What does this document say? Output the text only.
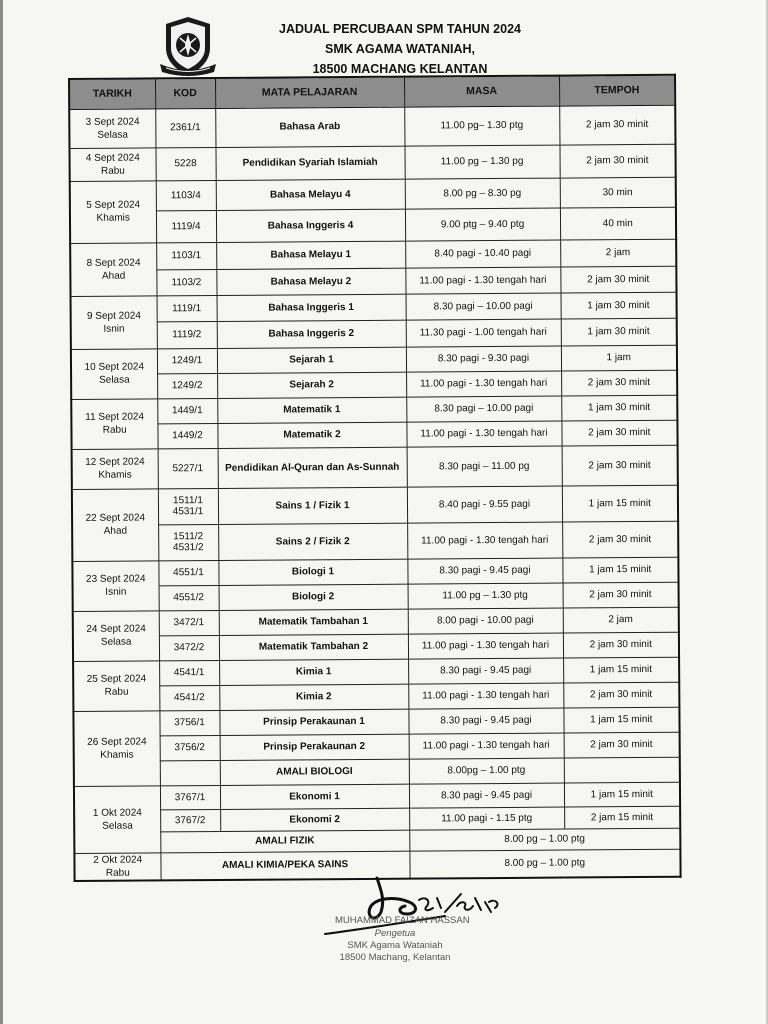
JADUAL PERCUBAAN SPM TAHUN 2024
SMK AGAMA WATANIAH,
18500 MACHANG KELANTAN
TARIKH	KOD	MATA PELAJARAN	MASA	TEMPOH
3 Sept 2024
Selasa	2361/1	Bahasa Arab	11.00 pg– 1.30 ptg	2 jam 30 minit
4 Sept 2024
Rabu	5228	Pendidikan Syariah Islamiah	11.00 pg – 1.30 pg	2 jam 30 minit
5 Sept 2024
Khamis	1103/4	Bahasa Melayu 4	8.00 pg – 8.30 pg	30 min
	1119/4	Bahasa Inggeris 4	9.00 ptg – 9.40 ptg	40 min
8 Sept 2024
Ahad	1103/1	Bahasa Melayu 1	8.40 pagi - 10.40 pagi	2 jam
	1103/2	Bahasa Melayu 2	11.00 pagi - 1.30 tengah hari	2 jam 30 minit
9 Sept 2024
Isnin	1119/1	Bahasa Inggeris 1	8.30 pagi – 10.00 pagi	1 jam 30 minit
	1119/2	Bahasa Inggeris 2	11.30 pagi - 1.00 tengah hari	1 jam 30 minit
10 Sept 2024
Selasa	1249/1	Sejarah 1	8.30 pagi - 9.30 pagi	1 jam
	1249/2	Sejarah 2	11.00 pagi - 1.30 tengah hari	2 jam 30 minit
11 Sept 2024
Rabu	1449/1	Matematik 1	8.30 pagi – 10.00 pagi	1 jam 30 minit
	1449/2	Matematik 2	11.00 pagi - 1.30 tengah hari	2 jam 30 minit
12 Sept 2024
Khamis	5227/1	Pendidikan Al-Quran dan As-Sunnah	8.30 pagi – 11.00 pg	2 jam 30 minit
22 Sept 2024
Ahad	1511/1 4531/1	Sains 1 / Fizik 1	8.40 pagi - 9.55 pagi	1 jam 15 minit
	1511/2 4531/2	Sains 2 / Fizik 2	11.00 pagi - 1.30 tengah hari	2 jam 30 minit
23 Sept 2024
Isnin	4551/1	Biologi 1	8.30 pagi - 9.45 pagi	1 jam 15 minit
	4551/2	Biologi 2	11.00 pg – 1.30 ptg	2 jam 30 minit
24 Sept 2024
Selasa	3472/1	Matematik Tambahan 1	8.00 pagi - 10.00 pagi	2 jam
	3472/2	Matematik Tambahan 2	11.00 pagi - 1.30 tengah hari	2 jam 30 minit
25 Sept 2024
Rabu	4541/1	Kimia 1	8.30 pagi - 9.45 pagi	1 jam 15 minit
	4541/2	Kimia 2	11.00 pagi - 1.30 tengah hari	2 jam 30 minit
26 Sept 2024
Khamis	3756/1	Prinsip Perakaunan 1	8.30 pagi - 9.45 pagi	1 jam 15 minit
	3756/2	Prinsip Perakaunan 2	11.00 pagi - 1.30 tengah hari	2 jam 30 minit
		AMALI BIOLOGI	8.00pg – 1.00 ptg	
1 Okt 2024
Selasa	3767/1	Ekonomi 1	8.30 pagi - 9.45 pagi	1 jam 15 minit
	3767/2	Ekonomi 2	11.00 pagi - 1.15 ptg	2 jam 15 minit
	AMALI FIZIK		8.00 pg – 1.00 ptg	
2 Okt 2024
Rabu	AMALI KIMIA/PEKA SAINS		8.00 pg – 1.00 ptg	
MUHAMMAD FAIZAN HASSAN
Pengetua
SMK Agama Wataniah
18500 Machang, Kelantan
